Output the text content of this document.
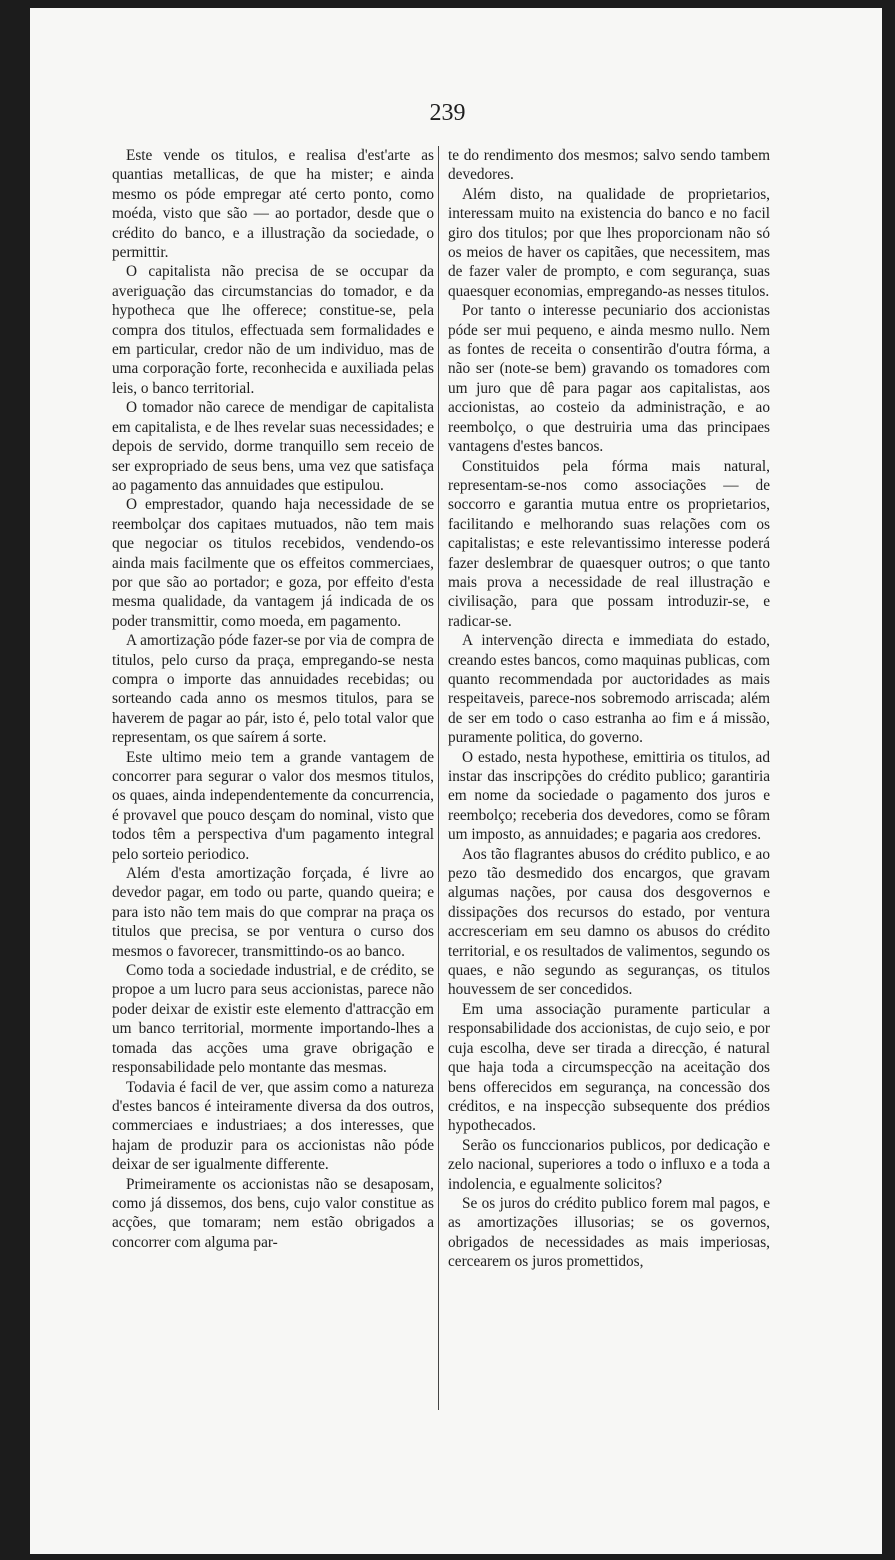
239

Este vende os titulos, e realisa d'est'arte as quantias metallicas, de que ha mister; e ainda mesmo os póde empregar até certo ponto, como moéda, visto que são — ao portador, desde que o crédito do banco, e a illustração da sociedade, o permittir.

O capitalista não precisa de se occupar da averiguação das circumstancias do tomador, e da hypotheca que lhe offerece; constitue-se, pela compra dos titulos, effectuada sem formalidades e em particular, credor não de um individuo, mas de uma corporação forte, reconhecida e auxiliada pelas leis, o banco territorial.

O tomador não carece de mendigar de capitalista em capitalista, e de lhes revelar suas necessidades; e depois de servido, dorme tranquillo sem receio de ser expropriado de seus bens, uma vez que satisfaça ao pagamento das annuidades que estipulou.

O emprestador, quando haja necessidade de se reembolçar dos capitaes mutuados, não tem mais que negociar os titulos recebidos, vendendo-os ainda mais facilmente que os effeitos commerciaes, por que são ao portador; e goza, por effeito d'esta mesma qualidade, da vantagem já indicada de os poder transmittir, como moeda, em pagamento.

A amortização póde fazer-se por via de compra de titulos, pelo curso da praça, empregando-se nesta compra o importe das annuidades recebidas; ou sorteando cada anno os mesmos titulos, para se haverem de pagar ao pár, isto é, pelo total valor que representam, os que saírem á sorte.

Este ultimo meio tem a grande vantagem de concorrer para segurar o valor dos mesmos titulos, os quaes, ainda independentemente da concurrencia, é provavel que pouco desçam do nominal, visto que todos têm a perspectiva d'um pagamento integral pelo sorteio periodico.

Além d'esta amortização forçada, é livre ao devedor pagar, em todo ou parte, quando queira; e para isto não tem mais do que comprar na praça os titulos que precisa, se por ventura o curso dos mesmos o favorecer, transmittindo-os ao banco.

Como toda a sociedade industrial, e de crédito, se propoe a um lucro para seus accionistas, parece não poder deixar de existir este elemento d'attracção em um banco territorial, mormente importando-lhes a tomada das acções uma grave obrigação e responsabilidade pelo montante das mesmas.

Todavia é facil de ver, que assim como a natureza d'estes bancos é inteiramente diversa da dos outros, commerciaes e industriaes; a dos interesses, que hajam de produzir para os accionistas não póde deixar de ser igualmente differente.

Primeiramente os accionistas não se desaposam, como já dissemos, dos bens, cujo valor constitue as acções, que tomaram; nem estão obrigados a concorrer com alguma par-

te do rendimento dos mesmos; salvo sendo tambem devedores.

Além disto, na qualidade de proprietarios, interessam muito na existencia do banco e no facil giro dos titulos; por que lhes proporcionam não só os meios de haver os capitães, que necessitem, mas de fazer valer de prompto, e com segurança, suas quaesquer economias, empregando-as nesses titulos.

Por tanto o interesse pecuniario dos accionistas póde ser mui pequeno, e ainda mesmo nullo. Nem as fontes de receita o consentirão d'outra fórma, a não ser (note-se bem) gravando os tomadores com um juro que dê para pagar aos capitalistas, aos accionistas, ao costeio da administração, e ao reembolço, o que destruiria uma das principaes vantagens d'estes bancos.

Constituidos pela fórma mais natural, representam-se-nos como associações — de soccorro e garantia mutua entre os proprietarios, facilitando e melhorando suas relações com os capitalistas; e este relevantissimo interesse poderá fazer deslembrar de quaesquer outros; o que tanto mais prova a necessidade de real illustração e civilisação, para que possam introduzir-se, e radicar-se.

A intervenção directa e immediata do estado, creando estes bancos, como maquinas publicas, com quanto recommendada por auctoridades as mais respeitaveis, parece-nos sobremodo arriscada; além de ser em todo o caso estranha ao fim e á missão, puramente politica, do governo.

O estado, nesta hypothese, emittiria os titulos, ad instar das inscripções do crédito publico; garantiria em nome da sociedade o pagamento dos juros e reembolço; receberia dos devedores, como se fôram um imposto, as annuidades; e pagaria aos credores.

Aos tão flagrantes abusos do crédito publico, e ao pezo tão desmedido dos encargos, que gravam algumas nações, por causa dos desgovernos e dissipações dos recursos do estado, por ventura accresceriam em seu damno os abusos do crédito territorial, e os resultados de valimentos, segundo os quaes, e não segundo as seguranças, os titulos houvessem de ser concedidos.

Em uma associação puramente particular a responsabilidade dos accionistas, de cujo seio, e por cuja escolha, deve ser tirada a direcção, é natural que haja toda a circumspecção na aceitação dos bens offerecidos em segurança, na concessão dos créditos, e na inspecção subsequente dos prédios hypothecados.

Serão os funccionarios publicos, por dedicação e zelo nacional, superiores a todo o influxo e a toda a indolencia, e egualmente solicitos?

Se os juros do crédito publico forem mal pagos, e as amortizações illusorias; se os governos, obrigados de necessidades as mais imperiosas, cercearem os juros promettidos,
